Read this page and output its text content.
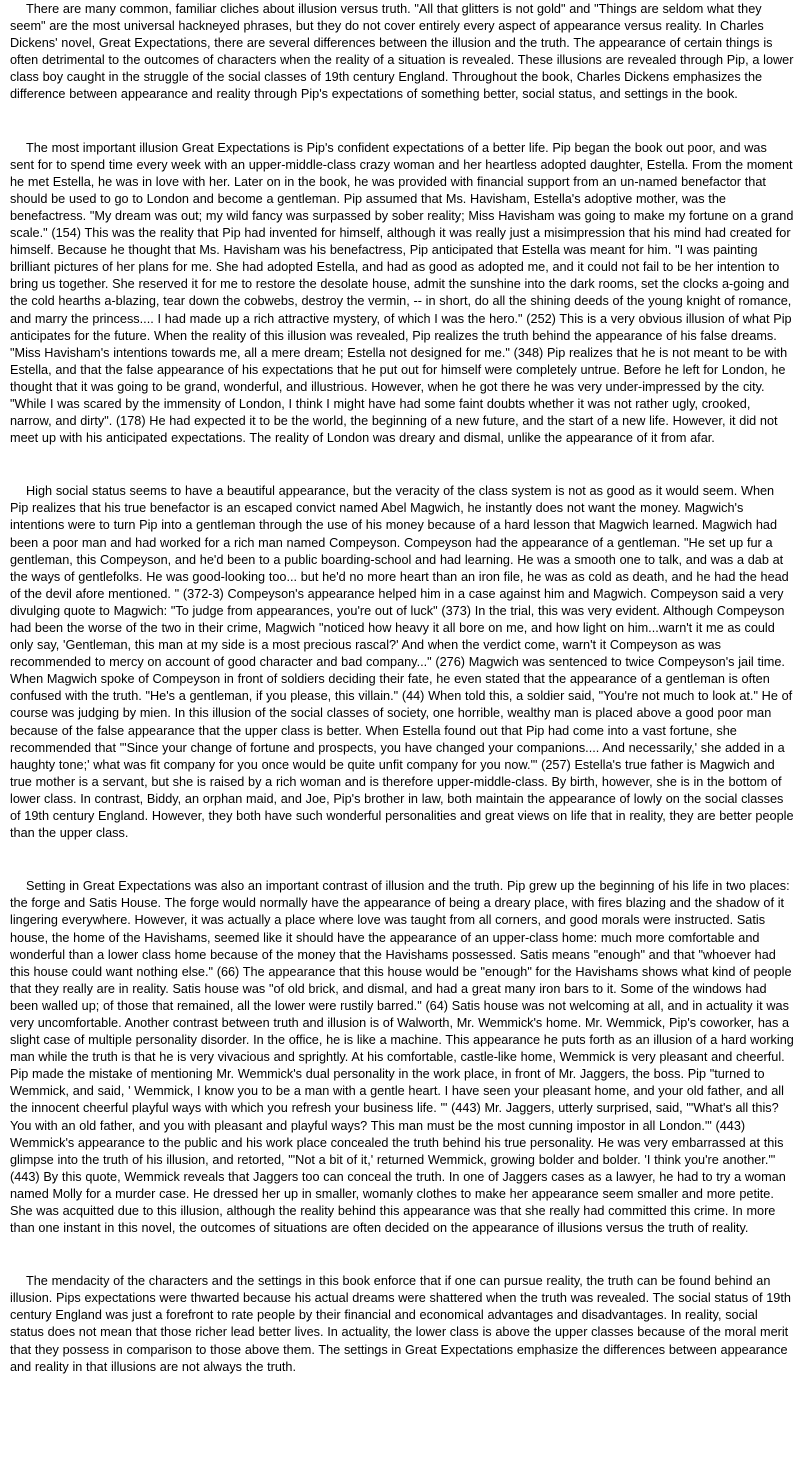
There are many common, familiar cliches about illusion versus truth. "All that glitters is not gold" and "Things are seldom what they seem" are the most universal hackneyed phrases, but they do not cover entirely every aspect of appearance versus reality. In Charles Dickens' novel, Great Expectations, there are several differences between the illusion and the truth. The appearance of certain things is often detrimental to the outcomes of characters when the reality of a situation is revealed. These illusions are revealed through Pip, a lower class boy caught in the struggle of the social classes of 19th century England. Throughout the book, Charles Dickens emphasizes the difference between appearance and reality through Pip's expectations of something better, social status, and settings in the book.

The most important illusion Great Expectations is Pip's confident expectations of a better life. Pip began the book out poor, and was sent for to spend time every week with an upper-middle-class crazy woman and her heartless adopted daughter, Estella. From the moment he met Estella, he was in love with her. Later on in the book, he was provided with financial support from an un-named benefactor that should be used to go to London and become a gentleman. Pip assumed that Ms. Havisham, Estella's adoptive mother, was the benefactress. "My dream was out; my wild fancy was surpassed by sober reality; Miss Havisham was going to make my fortune on a grand scale." (154) This was the reality that Pip had invented for himself, although it was really just a misimpression that his mind had created for himself. Because he thought that Ms. Havisham was his benefactress, Pip anticipated that Estella was meant for him. "I was painting brilliant pictures of her plans for me. She had adopted Estella, and had as good as adopted me, and it could not fail to be her intention to bring us together. She reserved it for me to restore the desolate house, admit the sunshine into the dark rooms, set the clocks a-going and the cold hearths a-blazing, tear down the cobwebs, destroy the vermin, -- in short, do all the shining deeds of the young knight of romance, and marry the princess.... I had made up a rich attractive mystery, of which I was the hero." (252) This is a very obvious illusion of what Pip anticipates for the future. When the reality of this illusion was revealed, Pip realizes the truth behind the appearance of his false dreams. "Miss Havisham's intentions towards me, all a mere dream; Estella not designed for me." (348) Pip realizes that he is not meant to be with Estella, and that the false appearance of his expectations that he put out for himself were completely untrue. Before he left for London, he thought that it was going to be grand, wonderful, and illustrious. However, when he got there he was very under-impressed by the city. "While I was scared by the immensity of London, I think I might have had some faint doubts whether it was not rather ugly, crooked, narrow, and dirty". (178) He had expected it to be the world, the beginning of a new future, and the start of a new life. However, it did not meet up with his anticipated expectations. The reality of London was dreary and dismal, unlike the appearance of it from afar.

High social status seems to have a beautiful appearance, but the veracity of the class system is not as good as it would seem. When Pip realizes that his true benefactor is an escaped convict named Abel Magwich, he instantly does not want the money. Magwich's intentions were to turn Pip into a gentleman through the use of his money because of a hard lesson that Magwich learned. Magwich had been a poor man and had worked for a rich man named Compeyson. Compeyson had the appearance of a gentleman. "He set up fur a gentleman, this Compeyson, and he'd been to a public boarding-school and had learning. He was a smooth one to talk, and was a dab at the ways of gentlefolks. He was good-looking too... but he'd no more heart than an iron file, he was as cold as death, and he had the head of the devil afore mentioned. " (372-3) Compeyson's appearance helped him in a case against him and Magwich. Compeyson said a very divulging quote to Magwich: "To judge from appearances, you're out of luck" (373) In the trial, this was very evident. Although Compeyson had been the worse of the two in their crime, Magwich "noticed how heavy it all bore on me, and how light on him...warn't it me as could only say, 'Gentleman, this man at my side is a most precious rascal?' And when the verdict come, warn't it Compeyson as was recommended to mercy on account of good character and bad company..." (276) Magwich was sentenced to twice Compeyson's jail time. When Magwich spoke of Compeyson in front of soldiers deciding their fate, he even stated that the appearance of a gentleman is often confused with the truth. "He's a gentleman, if you please, this villain." (44) When told this, a soldier said, "You're not much to look at." He of course was judging by mien. In this illusion of the social classes of society, one horrible, wealthy man is placed above a good poor man because of the false appearance that the upper class is better. When Estella found out that Pip had come into a vast fortune, she recommended that "'Since your change of fortune and prospects, you have changed your companions.... And necessarily,' she added in a haughty tone;' what was fit company for you once would be quite unfit company for you now.'" (257) Estella's true father is Magwich and true mother is a servant, but she is raised by a rich woman and is therefore upper-middle-class. By birth, however, she is in the bottom of lower class. In contrast, Biddy, an orphan maid, and Joe, Pip's brother in law, both maintain the appearance of lowly on the social classes of 19th century England. However, they both have such wonderful personalities and great views on life that in reality, they are better people than the upper class.

Setting in Great Expectations was also an important contrast of illusion and the truth. Pip grew up the beginning of his life in two places: the forge and Satis House. The forge would normally have the appearance of being a dreary place, with fires blazing and the shadow of it lingering everywhere. However, it was actually a place where love was taught from all corners, and good morals were instructed. Satis house, the home of the Havishams, seemed like it should have the appearance of an upper-class home: much more comfortable and wonderful than a lower class home because of the money that the Havishams possessed. Satis means "enough" and that "whoever had this house could want nothing else." (66) The appearance that this house would be "enough" for the Havishams shows what kind of people that they really are in reality. Satis house was "of old brick, and dismal, and had a great many iron bars to it. Some of the windows had been walled up; of those that remained, all the lower were rustily barred." (64) Satis house was not welcoming at all, and in actuality it was very uncomfortable. Another contrast between truth and illusion is of Walworth, Mr. Wemmick's home. Mr. Wemmick, Pip's coworker, has a slight case of multiple personality disorder. In the office, he is like a machine. This appearance he puts forth as an illusion of a hard working man while the truth is that he is very vivacious and sprightly. At his comfortable, castle-like home, Wemmick is very pleasant and cheerful. Pip made the mistake of mentioning Mr. Wemmick's dual personality in the work place, in front of Mr. Jaggers, the boss. Pip "turned to Wemmick, and said, ' Wemmick, I know you to be a man with a gentle heart. I have seen your pleasant home, and your old father, and all the innocent cheerful playful ways with which you refresh your business life. '" (443) Mr. Jaggers, utterly surprised, said, "'What's all this? You with an old father, and you with pleasant and playful ways? This man must be the most cunning impostor in all London.'" (443) Wemmick's appearance to the public and his work place concealed the truth behind his true personality. He was very embarrassed at this glimpse into the truth of his illusion, and retorted, "'Not a bit of it,' returned Wemmick, growing bolder and bolder. 'I think you're another.'" (443) By this quote, Wemmick reveals that Jaggers too can conceal the truth. In one of Jaggers cases as a lawyer, he had to try a woman named Molly for a murder case. He dressed her up in smaller, womanly clothes to make her appearance seem smaller and more petite. She was acquitted due to this illusion, although the reality behind this appearance was that she really had committed this crime. In more than one instant in this novel, the outcomes of situations are often decided on the appearance of illusions versus the truth of reality.

The mendacity of the characters and the settings in this book enforce that if one can pursue reality, the truth can be found behind an illusion. Pips expectations were thwarted because his actual dreams were shattered when the truth was revealed. The social status of 19th century England was just a forefront to rate people by their financial and economical advantages and disadvantages. In reality, social status does not mean that those richer lead better lives. In actuality, the lower class is above the upper classes because of the moral merit that they possess in comparison to those above them. The settings in Great Expectations emphasize the differences between appearance and reality in that illusions are not always the truth.
